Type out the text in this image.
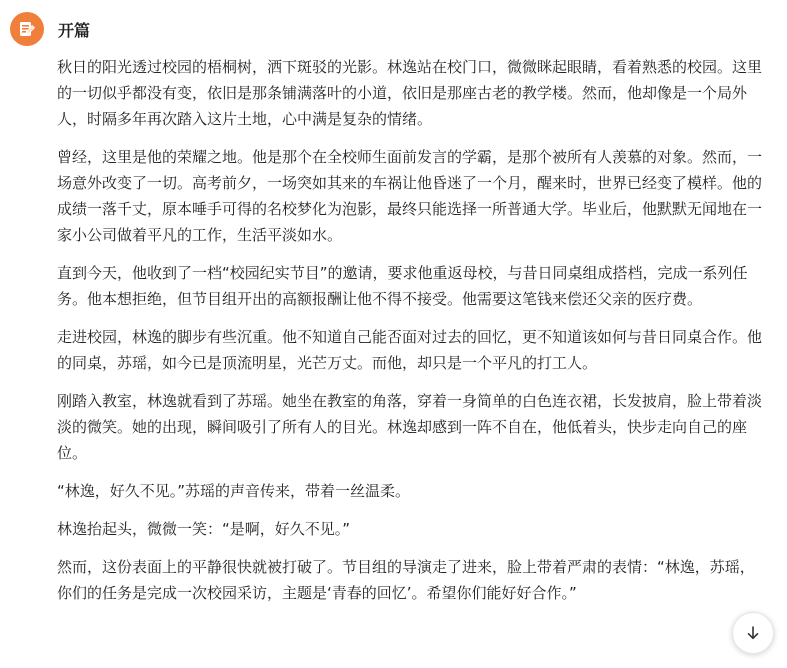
开篇

秋日的阳光透过校园的梧桐树，洒下斑驳的光影。林逸站在校门口，微微眯起眼睛，看着熟悉的校园。这里的一切似乎都没有变，依旧是那条铺满落叶的小道，依旧是那座古老的教学楼。然而，他却像是一个局外人，时隔多年再次踏入这片土地，心中满是复杂的情绪。

曾经，这里是他的荣耀之地。他是那个在全校师生面前发言的学霸，是那个被所有人羡慕的对象。然而，一场意外改变了一切。高考前夕，一场突如其来的车祸让他昏迷了一个月，醒来时，世界已经变了模样。他的成绩一落千丈，原本唾手可得的名校梦化为泡影，最终只能选择一所普通大学。毕业后，他默默无闻地在一家小公司做着平凡的工作，生活平淡如水。

直到今天，他收到了一档“校园纪实节目”的邀请，要求他重返母校，与昔日同桌组成搭档，完成一系列任务。他本想拒绝，但节目组开出的高额报酬让他不得不接受。他需要这笔钱来偿还父亲的医疗费。

走进校园，林逸的脚步有些沉重。他不知道自己能否面对过去的回忆，更不知道该如何与昔日同桌合作。他的同桌，苏瑶，如今已是顶流明星，光芒万丈。而他，却只是一个平凡的打工人。

刚踏入教室，林逸就看到了苏瑶。她坐在教室的角落，穿着一身简单的白色连衣裙，长发披肩，脸上带着淡淡的微笑。她的出现，瞬间吸引了所有人的目光。林逸却感到一阵不自在，他低着头，快步走向自己的座位。

“林逸，好久不见。”苏瑶的声音传来，带着一丝温柔。

林逸抬起头，微微一笑：“是啊，好久不见。”

然而，这份表面上的平静很快就被打破了。节目组的导演走了进来，脸上带着严肃的表情：“林逸，苏瑶，你们的任务是完成一次校园采访，主题是‘青春的回忆’。希望你们能好好合作。”
